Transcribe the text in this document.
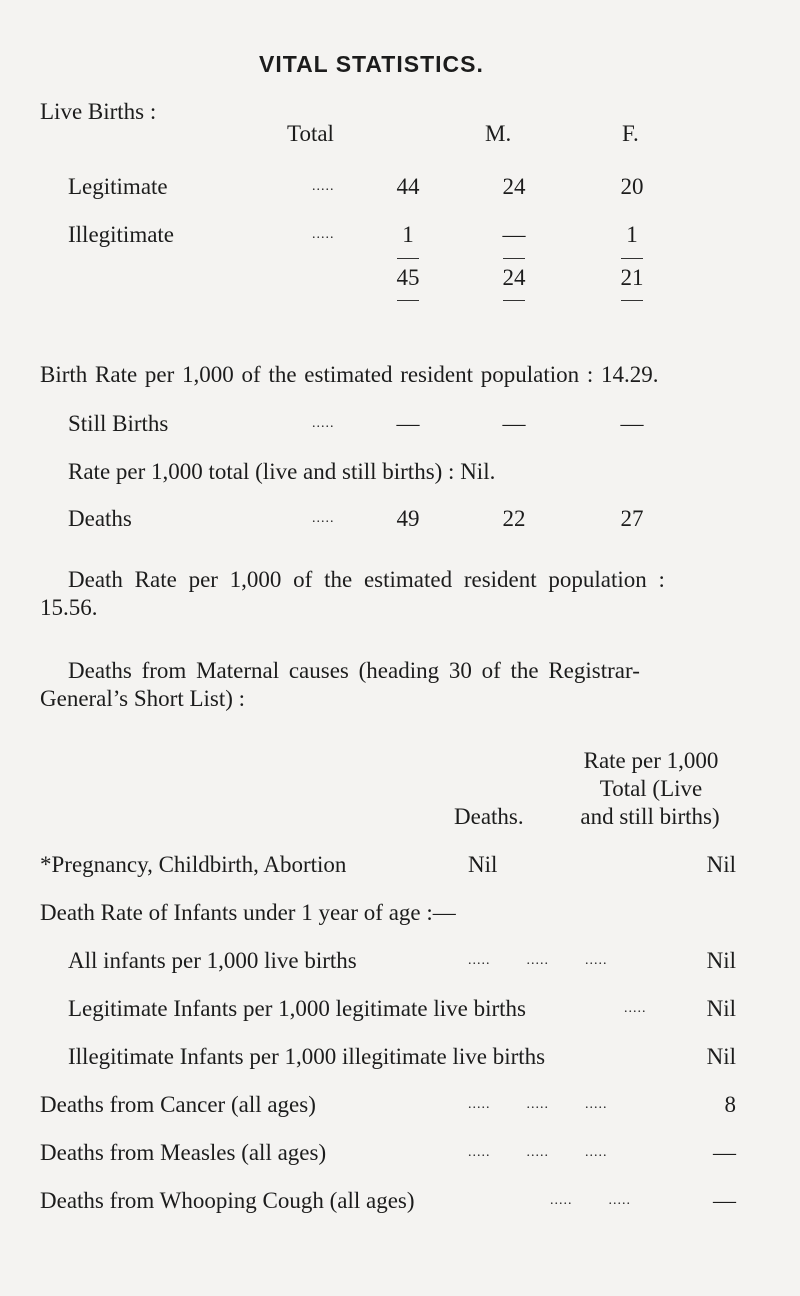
VITAL STATISTICS.
Live Births :
Total	M.	F.
Legitimate	.....	44	24	20
Illegitimate	.....	1	—	1
45	24	21
Birth Rate per 1,000 of the estimated resident population : 14.29.
Still Births	.....	—	—	—
Rate per 1,000 total (live and still births) : Nil.
Deaths	.....	49	22	27
Death Rate per 1,000 of the estimated resident population :
15.56.
Deaths from Maternal causes (heading 30 of the Registrar-
General’s Short List) :
Rate per 1,000
Total (Live
Deaths.	and still births)
*Pregnancy, Childbirth, Abortion	Nil	Nil
Death Rate of Infants under 1 year of age :—
All infants per 1,000 live births	.....        .....        .....	Nil
Legitimate Infants per 1,000 legitimate live births	.....	Nil
Illegitimate Infants per 1,000 illegitimate live births	Nil
Deaths from Cancer (all ages)	.....        .....        .....	8
Deaths from Measles (all ages)	.....        .....        .....	—
Deaths from Whooping Cough (all ages)	.....        .....	—
